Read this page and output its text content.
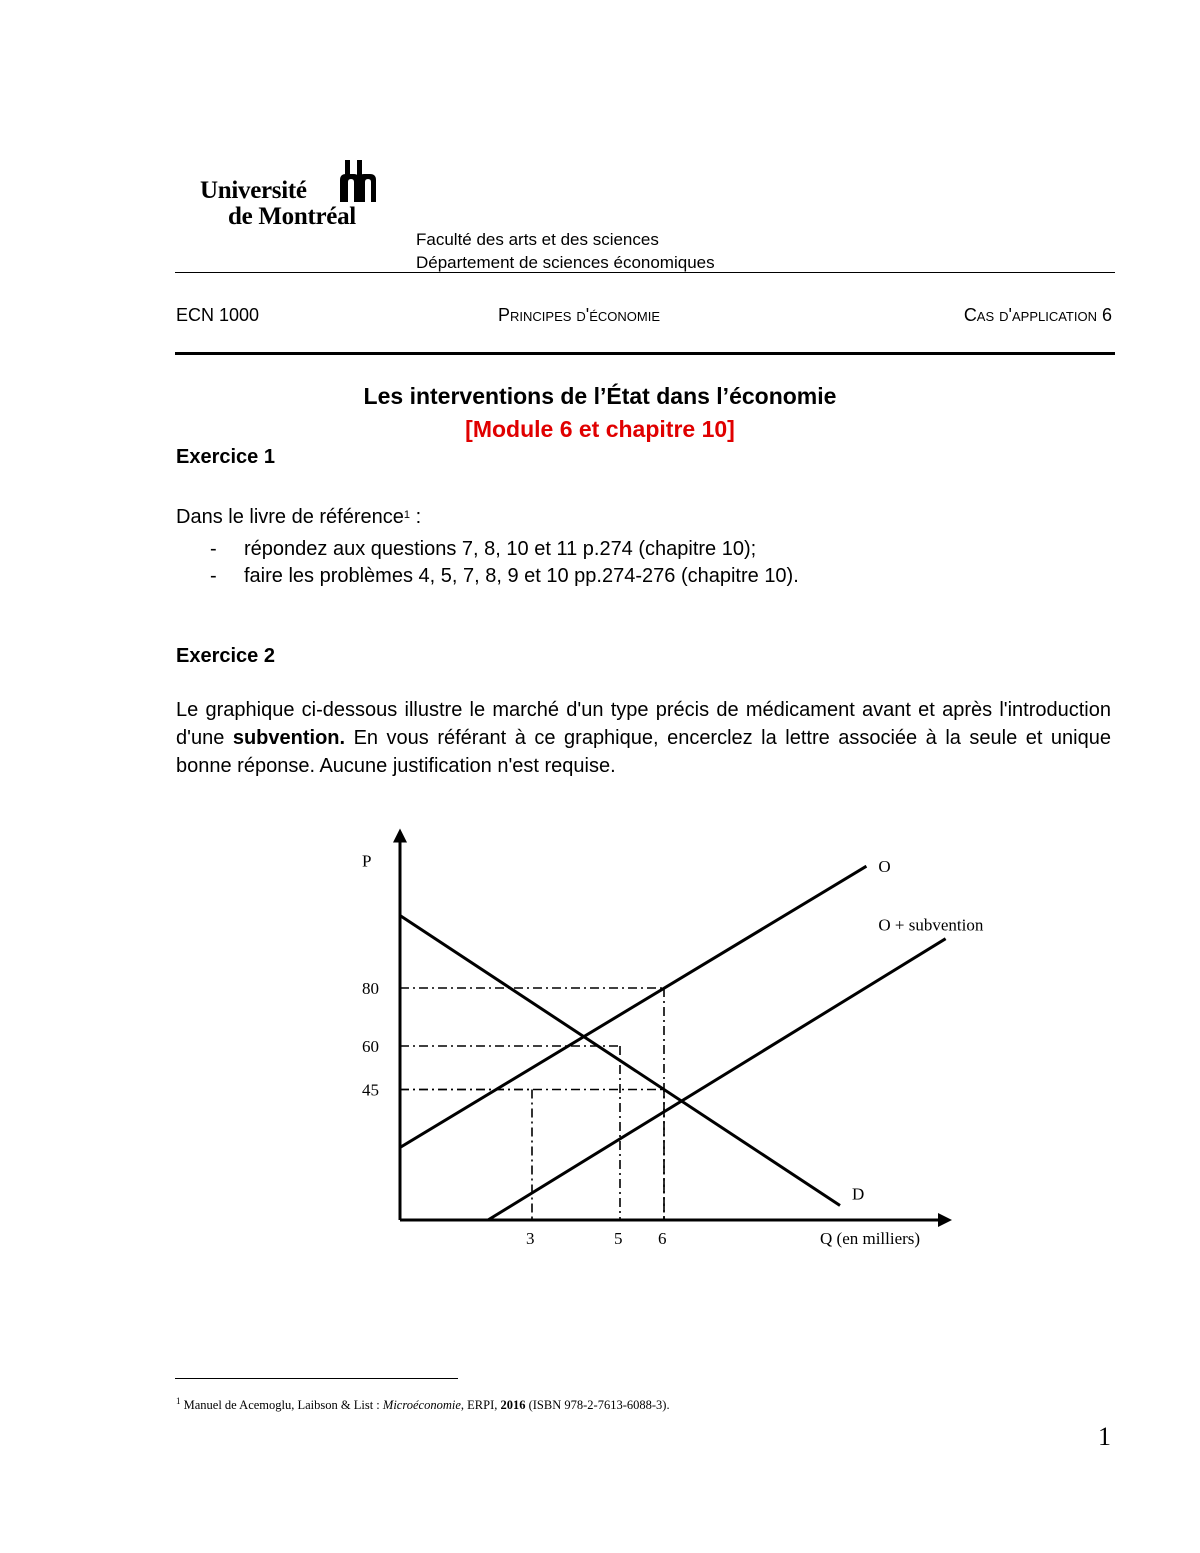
Université
de Montréal
Faculté des arts et des sciences
Département de sciences économiques
ECN 1000	Principes d'économie	Cas d'application 6
Les interventions de l’État dans l’économie
[Module 6 et chapitre 10]
Exercice 1
Dans le livre de référence$^1$ :
- répondez aux questions 7, 8, 10 et 11 p.274 (chapitre 10);
- faire les problèmes 4, 5, 7, 8, 9 et 10 pp.274-276 (chapitre 10).
Exercice 2
Le graphique ci-dessous illustre le marché d'un type précis de médicament avant et après l'introduction d'une subvention. En vous référant à ce graphique, encerclez la lettre associée à la seule et unique bonne réponse. Aucune justification n'est requise.
3	5 6
45
60
80
P
Q (en milliers)
D
O
O + subvention
$^1$ Manuel de Acemoglu, Laibson & List : Microéconomie, ERPI, 2016 (ISBN 978-2-7613-6088-3).
1
